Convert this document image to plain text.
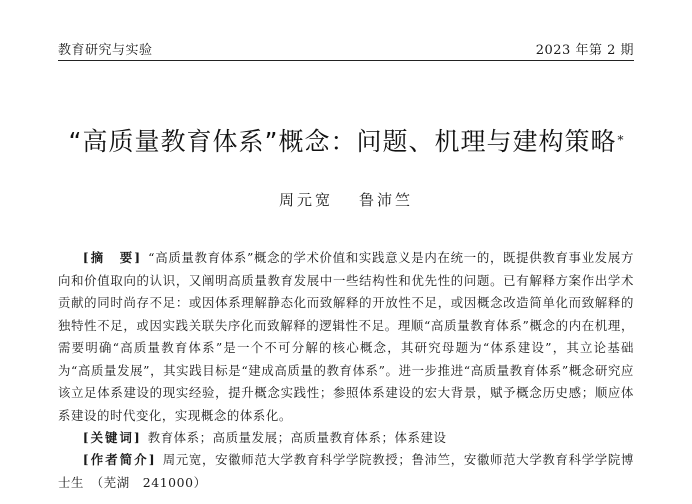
教育研究与实验	2023 年第 2 期
“高质量教育体系”概念：问题、机理与建构策略*
周元宽 鲁沛竺
[摘　要] “高质量教育体系”概念的学术价值和实践意义是内在统一的，既提供教育事业发展方向和价值取向的认识，又阐明高质量教育发展中一些结构性和优先性的问题。已有解释方案作出学术贡献的同时尚存不足：或因体系理解静态化而致解释的开放性不足，或因概念改造简单化而致解释的独特性不足，或因实践关联失序化而致解释的逻辑性不足。理顺“高质量教育体系”概念的内在机理，需要明确“高质量教育体系”是一个不可分解的核心概念，其研究母题为“体系建设”，其立论基础为“高质量发展”，其实践目标是“建成高质量的教育体系”。进一步推进“高质量教育体系”概念研究应该立足体系建设的现实经验，提升概念实践性；参照体系建设的宏大背景，赋予概念历史感；顺应体系建设的时代变化，实现概念的体系化。
[关键词] 教育体系；高质量发展；高质量教育体系；体系建设
[作者简介] 周元宽，安徽师范大学教育科学学院教授；鲁沛竺，安徽师范大学教育科学学院博士生　（芜湖　241000）
